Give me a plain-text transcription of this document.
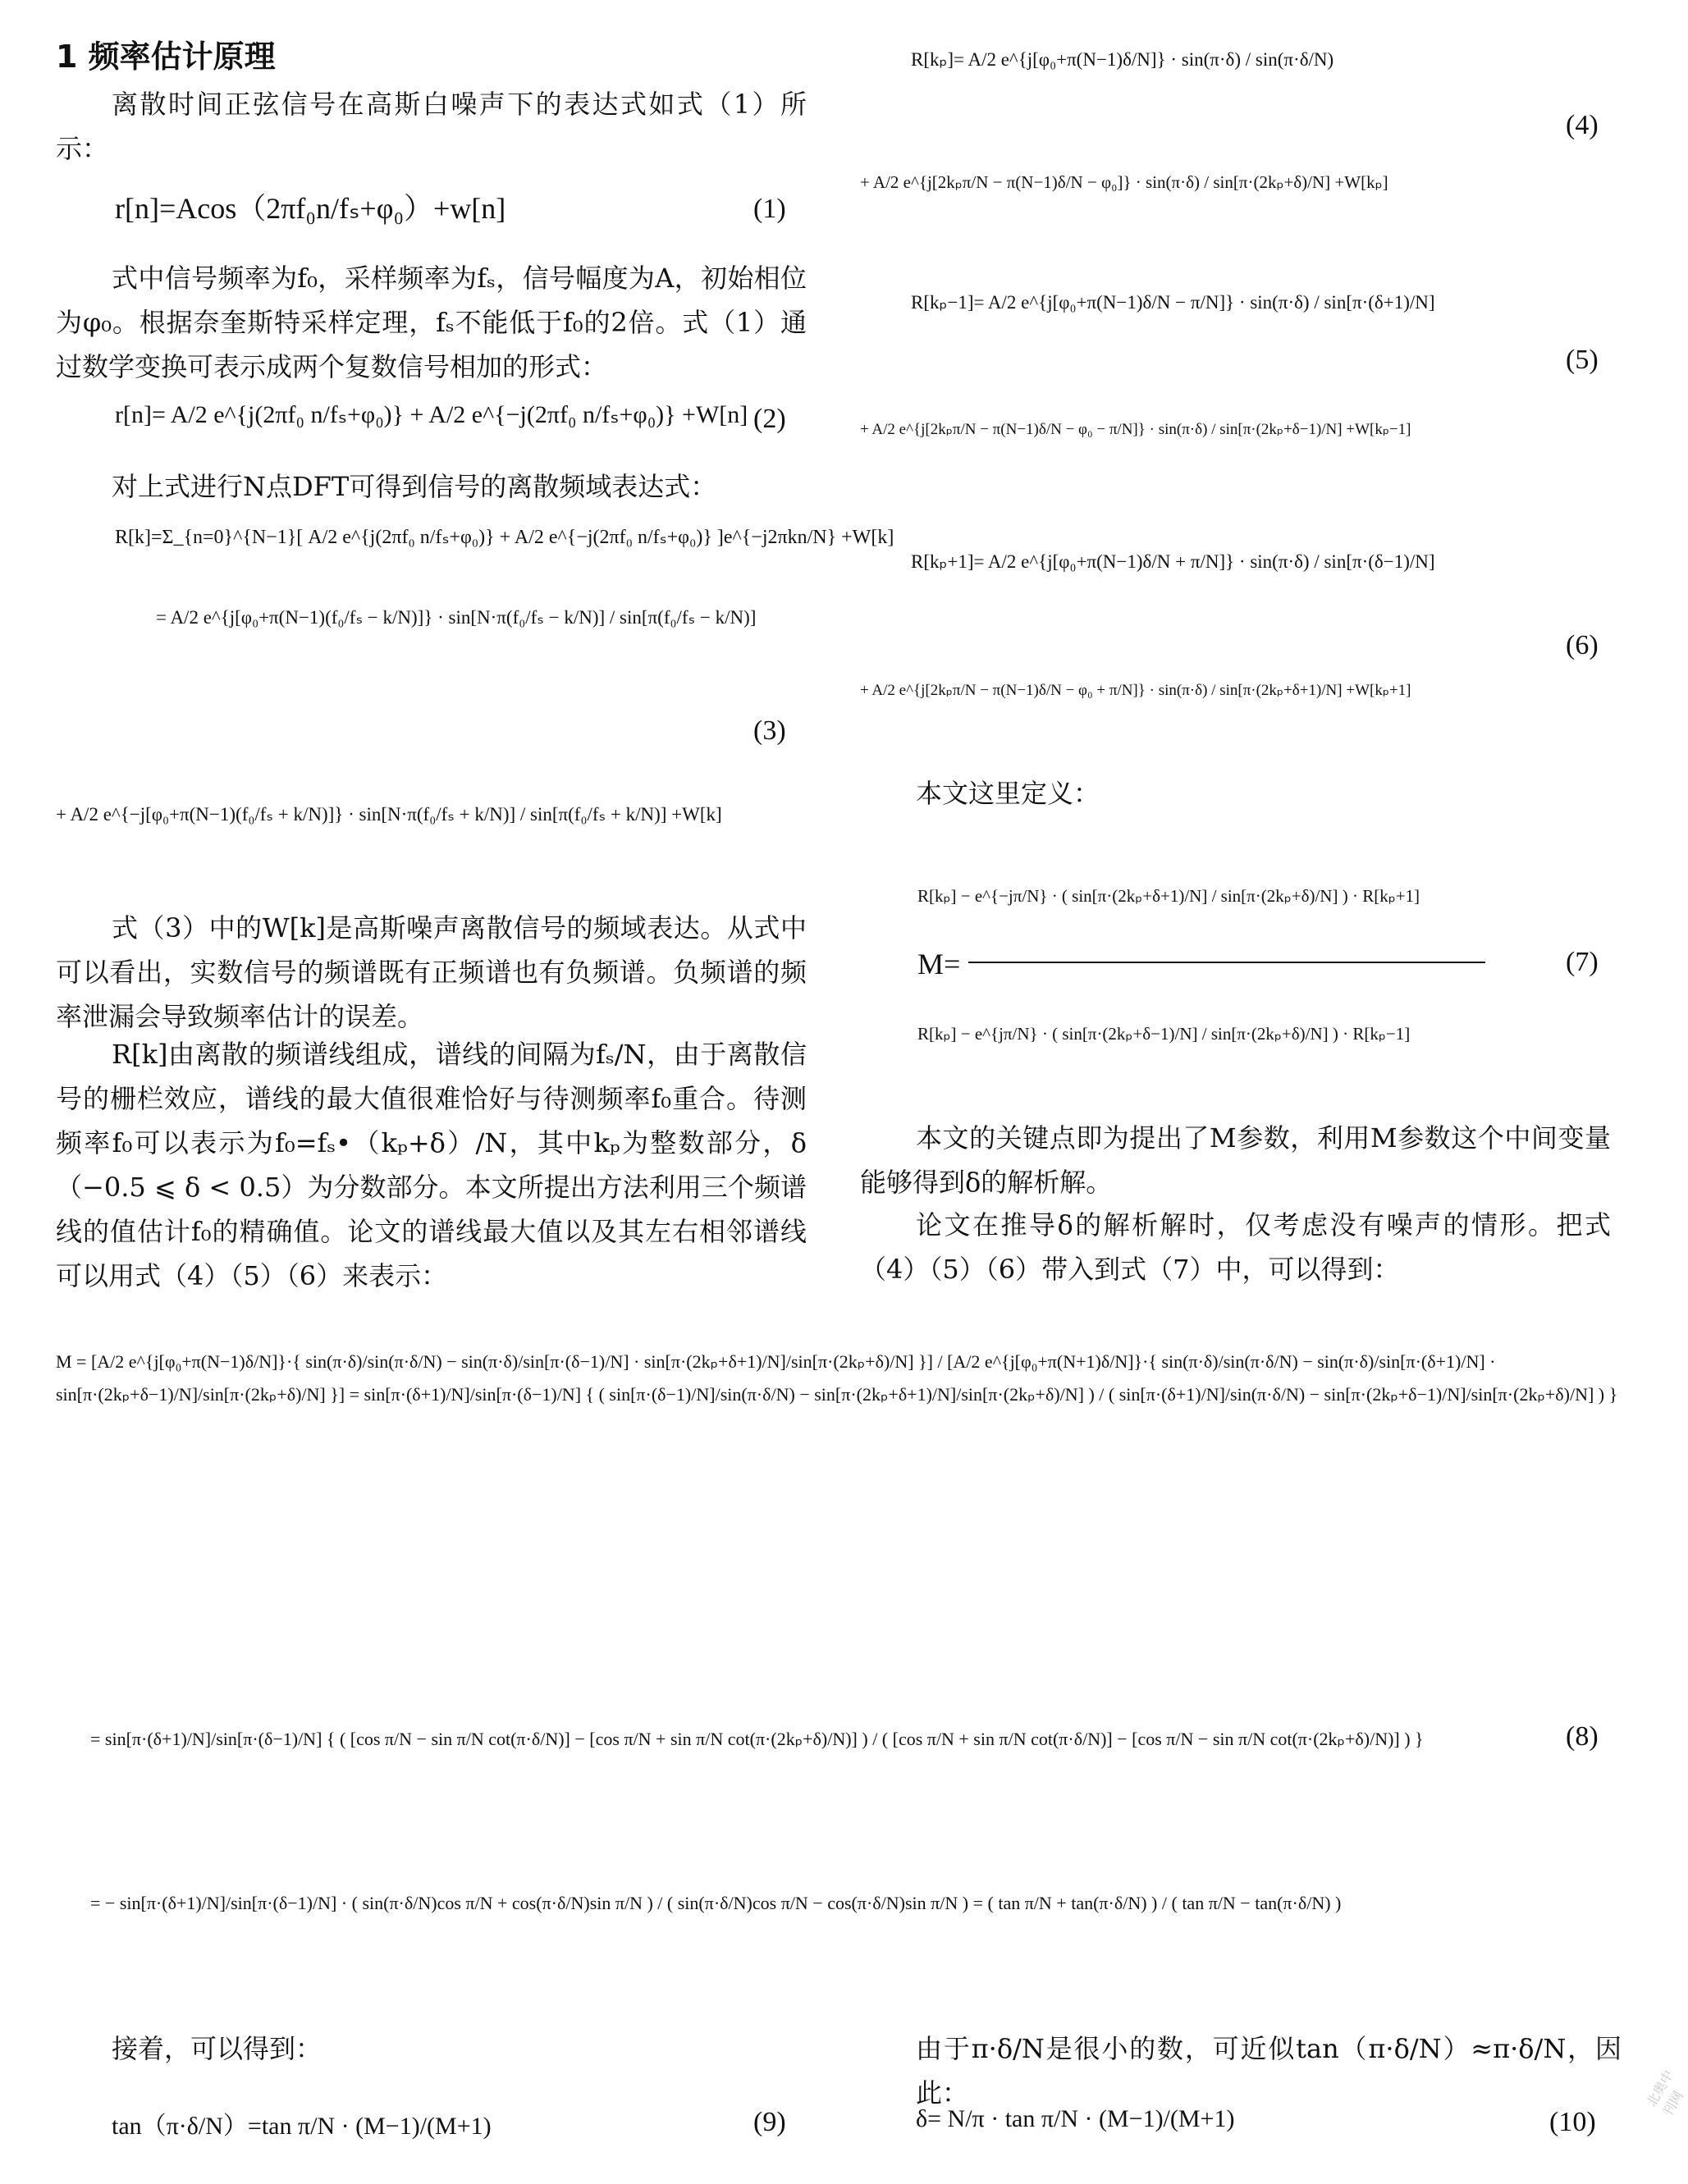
1 频率估计原理
离散时间正弦信号在高斯白噪声下的表达式如式（1）所示：
r[n]=Acos（2πf₀n/fₛ+φ₀）+w[n]	(1)
式中信号频率为f₀，采样频率为fₛ，信号幅度为A，初始相位为φ₀。根据奈奎斯特采样定理，fₛ不能低于f₀的2倍。式（1）通过数学变换可表示成两个复数信号相加的形式：
r[n]= A/2 e^{j(2πf₀ n/fₛ+φ₀)} + A/2 e^{−j(2πf₀ n/fₛ+φ₀)} +W[n] (2)
对上式进行N点DFT可得到信号的离散频域表达式：
R[k]=Σ_{n=0}^{N−1}[ A/2 e^{j(2πf₀ n/fₛ+φ₀)} + A/2 e^{−j(2πf₀ n/fₛ+φ₀)} ]e^{−j2πkn/N} +W[k]
= A/2 e^{j[φ₀+π(N−1)(f₀/fₛ − k/N)]} · sin[N·π(f₀/fₛ − k/N)] / sin[π(f₀/fₛ − k/N)]
(3)
+ A/2 e^{−j[φ₀+π(N−1)(f₀/fₛ + k/N)]} · sin[N·π(f₀/fₛ + k/N)] / sin[π(f₀/fₛ + k/N)] +W[k]
式（3）中的W[k]是高斯噪声离散信号的频域表达。从式中可以看出，实数信号的频谱既有正频谱也有负频谱。负频谱的频率泄漏会导致频率估计的误差。
R[k]由离散的频谱线组成，谱线的间隔为fₛ/N，由于离散信号的栅栏效应，谱线的最大值很难恰好与待测频率f₀重合。待测频率f₀可以表示为f₀=fₛ•（kₚ+δ）/N，其中kₚ为整数部分，δ（−0.5 ⩽ δ < 0.5）为分数部分。本文所提出方法利用三个频谱线的值估计f₀的精确值。论文的谱线最大值以及其左右相邻谱线可以用式（4）（5）（6）来表示：
R[kₚ]= A/2 e^{j[φ₀+π(N−1)δ/N]} · sin(π·δ) / sin(π·δ/N)
(4)
+ A/2 e^{j[2kₚπ/N − π(N−1)δ/N − φ₀]} · sin(π·δ) / sin[π·(2kₚ+δ)/N] +W[kₚ]
R[kₚ−1]= A/2 e^{j[φ₀+π(N−1)δ/N − π/N]} · sin(π·δ) / sin[π·(δ+1)/N]
(5)
+ A/2 e^{j[2kₚπ/N − π(N−1)δ/N − φ₀ − π/N]} · sin(π·δ) / sin[π·(2kₚ+δ−1)/N] +W[kₚ−1]
R[kₚ+1]= A/2 e^{j[φ₀+π(N−1)δ/N + π/N]} · sin(π·δ) / sin[π·(δ−1)/N]
(6)
+ A/2 e^{j[2kₚπ/N − π(N−1)δ/N − φ₀ + π/N]} · sin(π·δ) / sin[π·(2kₚ+δ+1)/N] +W[kₚ+1]
本文这里定义：
R[kₚ] − e^{−jπ/N} · ( sin[π·(2kₚ+δ+1)/N] / sin[π·(2kₚ+δ)/N] ) · R[kₚ+1]
M=
R[kₚ] − e^{jπ/N} · ( sin[π·(2kₚ+δ−1)/N] / sin[π·(2kₚ+δ)/N] ) · R[kₚ−1]
(7)
本文的关键点即为提出了M参数，利用M参数这个中间变量能够得到δ的解析解。
论文在推导δ的解析解时，仅考虑没有噪声的情形。把式（4）（5）（6）带入到式（7）中，可以得到：
M = [A/2 e^{j[φ₀+π(N−1)δ/N]}·{ sin(π·δ)/sin(π·δ/N) − sin(π·δ)/sin[π·(δ−1)/N] · sin[π·(2kₚ+δ+1)/N]/sin[π·(2kₚ+δ)/N] }] / [A/2 e^{j[φ₀+π(N+1)δ/N]}·{ sin(π·δ)/sin(π·δ/N) − sin(π·δ)/sin[π·(δ+1)/N] · sin[π·(2kₚ+δ−1)/N]/sin[π·(2kₚ+δ)/N] }] = sin[π·(δ+1)/N]/sin[π·(δ−1)/N] { ( sin[π·(δ−1)/N]/sin(π·δ/N) − sin[π·(2kₚ+δ+1)/N]/sin[π·(2kₚ+δ)/N] ) / ( sin[π·(δ+1)/N]/sin(π·δ/N) − sin[π·(2kₚ+δ−1)/N]/sin[π·(2kₚ+δ)/N] ) }
= sin[π·(δ+1)/N]/sin[π·(δ−1)/N] { ( [cos π/N − sin π/N cot(π·δ/N)] − [cos π/N + sin π/N cot(π·(2kₚ+δ)/N)] ) / ( [cos π/N + sin π/N cot(π·δ/N)] − [cos π/N − sin π/N cot(π·(2kₚ+δ)/N)] ) }	(8)
= − sin[π·(δ+1)/N]/sin[π·(δ−1)/N] · ( sin(π·δ/N)cos π/N + cos(π·δ/N)sin π/N ) / ( sin(π·δ/N)cos π/N − cos(π·δ/N)sin π/N ) = ( tan π/N + tan(π·δ/N) ) / ( tan π/N − tan(π·δ/N) )
接着，可以得到：
tan（π·δ/N）=tan π/N · (M−1)/(M+1)	(9)
由于π·δ/N是很小的数，可近似tan（π·δ/N）≈π·δ/N，因此：
δ= N/π · tan π/N · (M−1)/(M+1)	(10)
北奥中刊网
